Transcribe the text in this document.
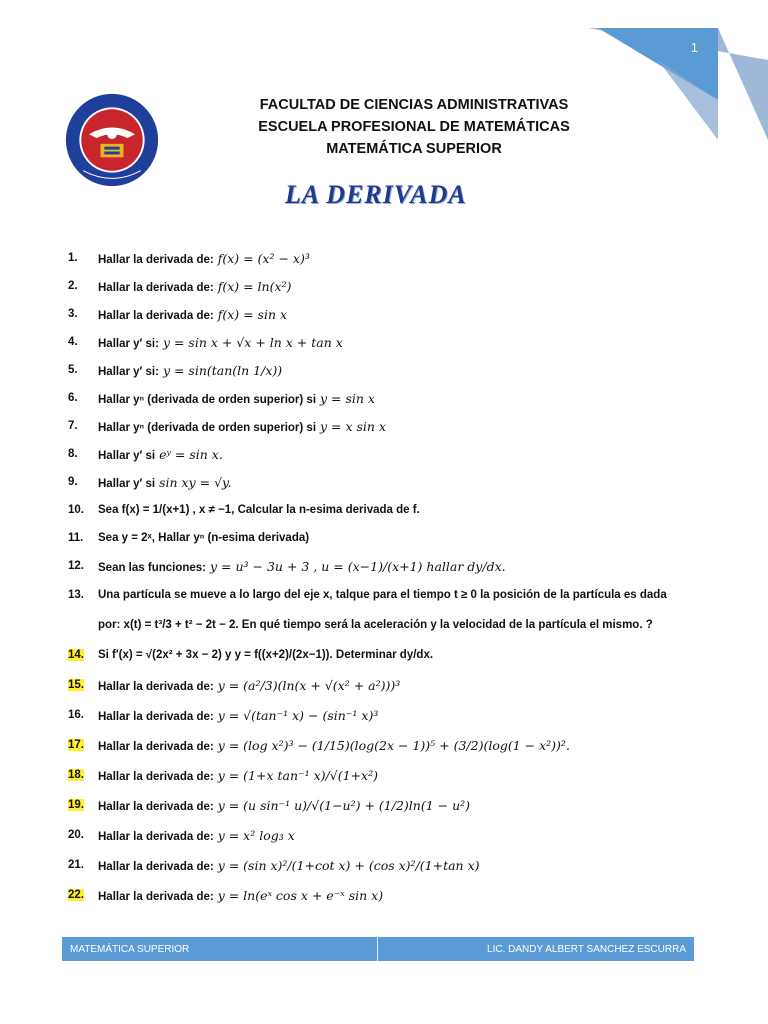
1
FACULTAD DE CIENCIAS ADMINISTRATIVAS
ESCUELA PROFESIONAL DE MATEMÁTICAS
MATEMÁTICA SUPERIOR
LA DERIVADA
1.	Hallar la derivada de: f(x) = (x² − x)³
2.	Hallar la derivada de: f(x) = ln(x²)
3.	Hallar la derivada de: f(x) = sin x
4.	Hallar y′ si: y = sin x + √x + ln x + tan x
5.	Hallar y′ si: y = sin(tan(ln 1/x))
6.	Hallar yⁿ (derivada de orden superior) si y = sin x
7.	Hallar yⁿ (derivada de orden superior) si y = x sin x
8.	Hallar y′ si eʸ = sin x.
9.	Hallar y′ si sin xy = √y.
10.	Sea f(x) = 1/(x+1) , x ≠ −1, Calcular la n-esima derivada de f.
11.	Sea y = 2ˣ, Hallar yⁿ (n-esima derivada)
12.	Sean las funciones: y = u³ − 3u + 3 , u = (x−1)/(x+1) hallar dy/dx.
13.	Una partícula se mueve a lo largo del eje x, talque para el tiempo t ≥ 0 la posición de la partícula es dada
por: x(t) = t³/3 + t² − 2t − 2. En qué tiempo será la aceleración y la velocidad de la partícula el mismo. ?
14.	Si f′(x) = √(2x² + 3x − 2) y y = f((x+2)/(2x−1)). Determinar dy/dx.
15.	Hallar la derivada de: y = (a²/3)(ln(x + √(x² + a²)))³
16.	Hallar la derivada de: y = √(tan⁻¹ x) − (sin⁻¹ x)³
17.	Hallar la derivada de: y = (log x²)³ − (1/15)(log(2x − 1))⁵ + (3/2)(log(1 − x²))².
18.	Hallar la derivada de: y = (1+x tan⁻¹ x)/√(1+x²)
19.	Hallar la derivada de: y = (u sin⁻¹ u)/√(1−u²) + (1/2)ln(1 − u²)
20.	Hallar la derivada de: y = x² log₃ x
21.	Hallar la derivada de: y = (sin x)²/(1+cot x) + (cos x)²/(1+tan x)
22.	Hallar la derivada de: y = ln(eˣ cos x + e⁻ˣ sin x)
MATEMÁTICA SUPERIOR	LIC. DANDY ALBERT SANCHEZ ESCURRA
